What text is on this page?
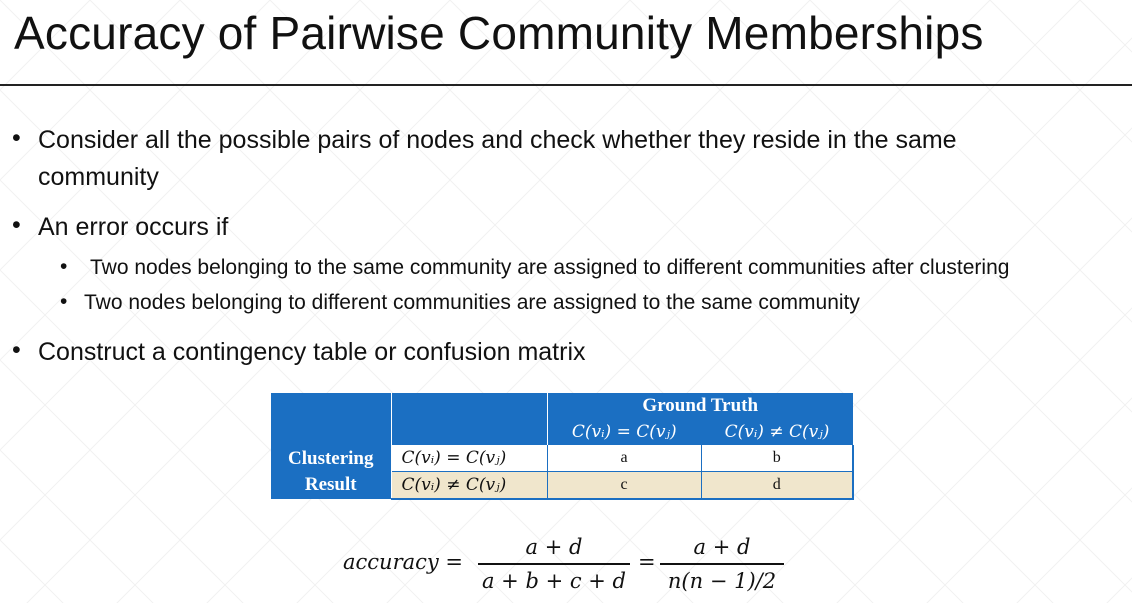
Accuracy of Pairwise Community Memberships
• Consider all the possible pairs of nodes and check whether they reside in the same
community
• An error occurs if
• Two nodes belonging to the same community are assigned to different communities after clustering
• Two nodes belonging to different communities are assigned to the same community
• Construct a contingency table or confusion matrix
		Ground Truth	
		C(vᵢ) = C(vⱼ)	C(vᵢ) ≠ C(vⱼ)
Clustering
Result	C(vᵢ) = C(vⱼ)	a	b
	C(vᵢ) ≠ C(vⱼ)	c	d
accuracy =
a + d
a + b + c + d
=
a + d
n(n − 1)/2
